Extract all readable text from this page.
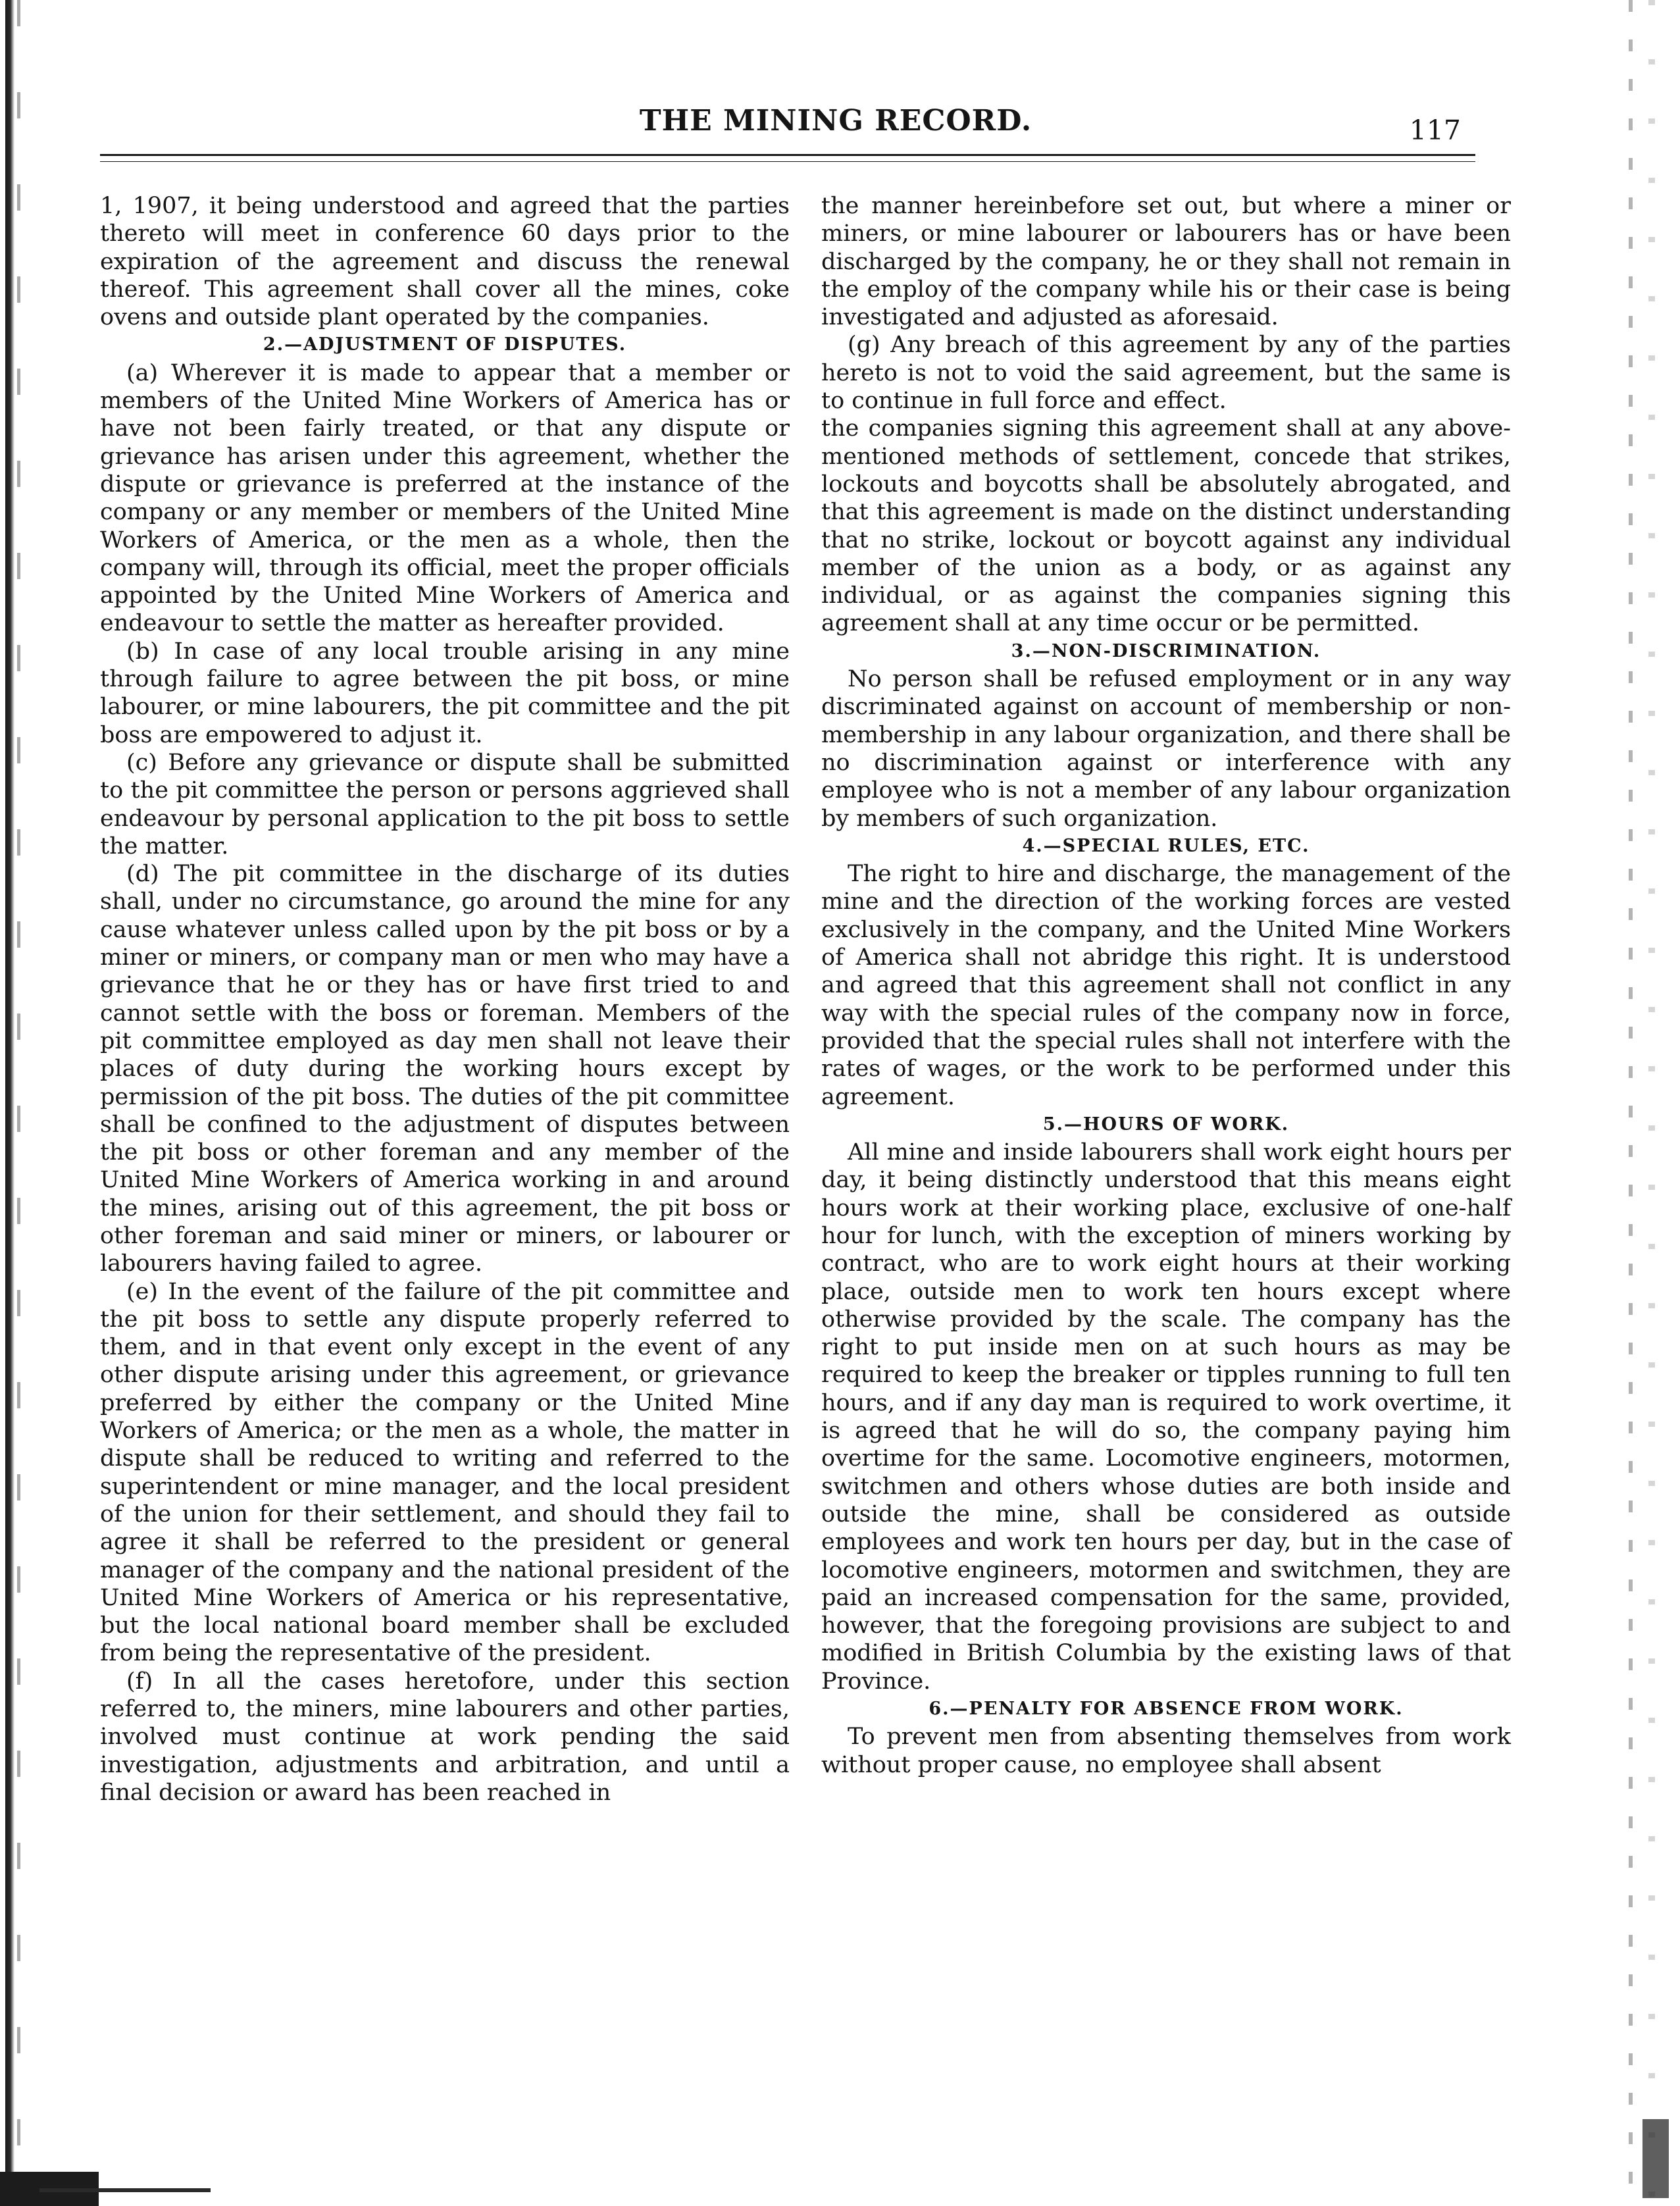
THE MINING RECORD.	117

1, 1907, it being understood and agreed that the parties thereto will meet in conference 60 days prior to the expiration of the agreement and discuss the renewal thereof. This agreement shall cover all the mines, coke ovens and outside plant operated by the companies.

2.—ADJUSTMENT OF DISPUTES.

(a) Wherever it is made to appear that a member or members of the United Mine Workers of America has or have not been fairly treated, or that any dispute or grievance has arisen under this agreement, whether the dispute or grievance is preferred at the instance of the company or any member or members of the United Mine Workers of America, or the men as a whole, then the company will, through its official, meet the proper officials appointed by the United Mine Workers of America and endeavour to settle the matter as hereafter provided.

(b) In case of any local trouble arising in any mine through failure to agree between the pit boss, or mine labourer, or mine labourers, the pit committee and the pit boss are empowered to adjust it.

(c) Before any grievance or dispute shall be submitted to the pit committee the person or persons aggrieved shall endeavour by personal application to the pit boss to settle the matter.

(d) The pit committee in the discharge of its duties shall, under no circumstance, go around the mine for any cause whatever unless called upon by the pit boss or by a miner or miners, or company man or men who may have a grievance that he or they has or have first tried to and cannot settle with the boss or foreman. Members of the pit committee employed as day men shall not leave their places of duty during the working hours except by permission of the pit boss. The duties of the pit committee shall be confined to the adjustment of disputes between the pit boss or other foreman and any member of the United Mine Workers of America working in and around the mines, arising out of this agreement, the pit boss or other foreman and said miner or miners, or labourer or labourers having failed to agree.

(e) In the event of the failure of the pit committee and the pit boss to settle any dispute properly referred to them, and in that event only except in the event of any other dispute arising under this agreement, or grievance preferred by either the company or the United Mine Workers of America; or the men as a whole, the matter in dispute shall be reduced to writing and referred to the superintendent or mine manager, and the local president of the union for their settlement, and should they fail to agree it shall be referred to the president or general manager of the company and the national president of the United Mine Workers of America or his representative, but the local national board member shall be excluded from being the representative of the president.

(f) In all the cases heretofore, under this section referred to, the miners, mine labourers and other parties, involved must continue at work pending the said investigation, adjustments and arbitration, and until a final decision or award has been reached in

the manner hereinbefore set out, but where a miner or miners, or mine labourer or labourers has or have been discharged by the company, he or they shall not remain in the employ of the company while his or their case is being investigated and adjusted as aforesaid.

(g) Any breach of this agreement by any of the parties hereto is not to void the said agreement, but the same is to continue in full force and effect.

the companies signing this agreement shall at any above-mentioned methods of settlement, concede that strikes, lockouts and boycotts shall be absolutely abrogated, and that this agreement is made on the distinct understanding that no strike, lockout or boycott against any individual member of the union as a body, or as against any individual, or as against the companies signing this agreement shall at any time occur or be permitted.

3.—NON-DISCRIMINATION.

No person shall be refused employment or in any way discriminated against on account of membership or non-membership in any labour organization, and there shall be no discrimination against or interference with any employee who is not a member of any labour organization by members of such organization.

4.—SPECIAL RULES, ETC.

The right to hire and discharge, the management of the mine and the direction of the working forces are vested exclusively in the company, and the United Mine Workers of America shall not abridge this right. It is understood and agreed that this agreement shall not conflict in any way with the special rules of the company now in force, provided that the special rules shall not interfere with the rates of wages, or the work to be performed under this agreement.

5.—HOURS OF WORK.

All mine and inside labourers shall work eight hours per day, it being distinctly understood that this means eight hours work at their working place, exclusive of one-half hour for lunch, with the exception of miners working by contract, who are to work eight hours at their working place, outside men to work ten hours except where otherwise provided by the scale. The company has the right to put inside men on at such hours as may be required to keep the breaker or tipples running to full ten hours, and if any day man is required to work overtime, it is agreed that he will do so, the company paying him overtime for the same. Locomotive engineers, motormen, switchmen and others whose duties are both inside and outside the mine, shall be considered as outside employees and work ten hours per day, but in the case of locomotive engineers, motormen and switchmen, they are paid an increased compensation for the same, provided, however, that the foregoing provisions are subject to and modified in British Columbia by the existing laws of that Province.

6.—PENALTY FOR ABSENCE FROM WORK.

To prevent men from absenting themselves from work without proper cause, no employee shall absent
